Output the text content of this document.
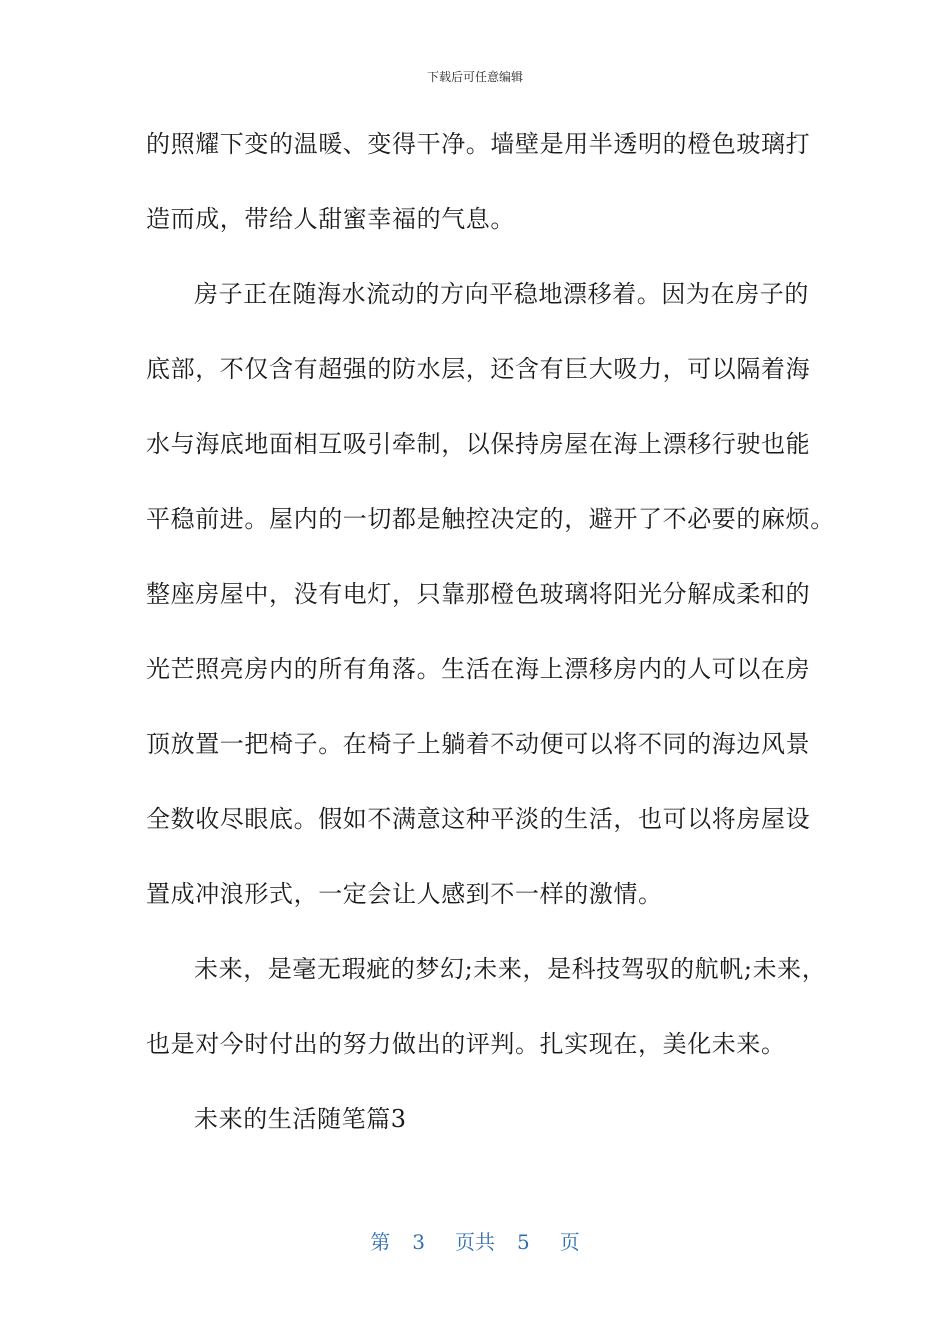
下载后可任意编辑
的照耀下变的温暖、变得干净。墙壁是用半透明的橙色玻璃打
造而成，带给人甜蜜幸福的气息。
房子正在随海水流动的方向平稳地漂移着。因为在房子的
底部，不仅含有超强的防水层，还含有巨大吸力，可以隔着海
水与海底地面相互吸引牵制，以保持房屋在海上漂移行驶也能
平稳前进。屋内的一切都是触控决定的，避开了不必要的麻烦。
整座房屋中，没有电灯，只靠那橙色玻璃将阳光分解成柔和的
光芒照亮房内的所有角落。生活在海上漂移房内的人可以在房
顶放置一把椅子。在椅子上躺着不动便可以将不同的海边风景
全数收尽眼底。假如不满意这种平淡的生活，也可以将房屋设
置成冲浪形式，一定会让人感到不一样的激情。
未来，是毫无瑕疵的梦幻;未来，是科技驾驭的航帆;未来，
也是对今时付出的努力做出的评判。扎实现在，美化未来。
未来的生活随笔篇3
第 3 页共 5 页
